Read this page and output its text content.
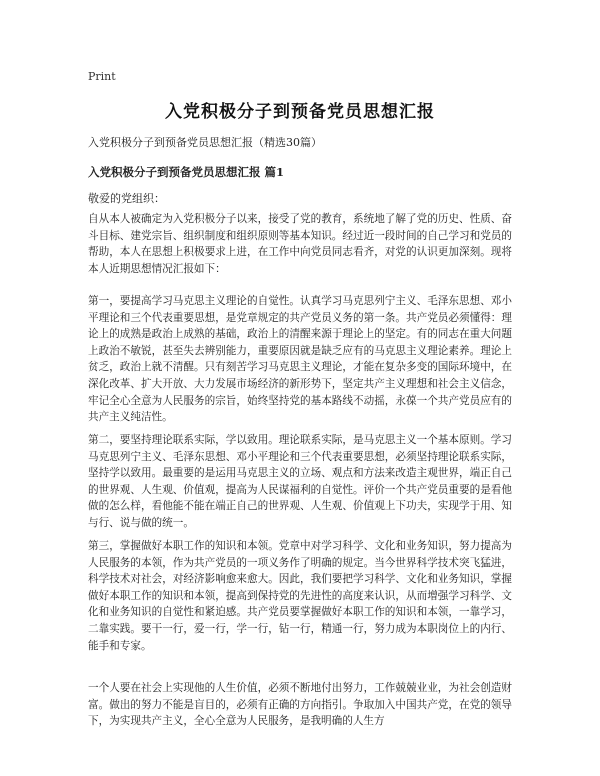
Print
入党积极分子到预备党员思想汇报
入党积极分子到预备党员思想汇报（精选30篇）
入党积极分子到预备党员思想汇报 篇1
敬爱的党组织：

自从本人被确定为入党积极分子以来，接受了党的教育，系统地了解了党的历史、性质、奋斗目标、建党宗旨、组织制度和组织原则等基本知识。经过近一段时间的自己学习和党员的帮助，本人在思想上积极要求上进，在工作中向党员同志看齐，对党的认识更加深刻。现将本人近期思想情况汇报如下：

第一，要提高学习马克思主义理论的自觉性。认真学习马克思列宁主义、毛泽东思想、邓小平理论和三个代表重要思想，是党章规定的共产党员义务的第一条。共产党员必须懂得：理论上的成熟是政治上成熟的基础，政治上的清醒来源于理论上的坚定。有的同志在重大问题上政治不敏锐，甚至失去辨别能力，重要原因就是缺乏应有的马克思主义理论素养。理论上贫乏，政治上就不清醒。只有刻苦学习马克思主义理论，才能在复杂多变的国际环境中，在深化改革、扩大开放、大力发展市场经济的新形势下，坚定共产主义理想和社会主义信念，牢记全心全意为人民服务的宗旨，始终坚持党的基本路线不动摇，永葆一个共产党员应有的共产主义纯洁性。

第二，要坚持理论联系实际，学以致用。理论联系实际，是马克思主义一个基本原则。学习马克思列宁主义、毛泽东思想、邓小平理论和三个代表重要思想，必须坚持理论联系实际，坚持学以致用。最重要的是运用马克思主义的立场、观点和方法来改造主观世界，端正自己的世界观、人生观、价值观，提高为人民谋福利的自觉性。评价一个共产党员重要的是看他做的怎么样，看他能不能在端正自己的世界观、人生观、价值观上下功夫，实现学于用、知与行、说与做的统一。

第三，掌握做好本职工作的知识和本领。党章中对学习科学、文化和业务知识，努力提高为人民服务的本领，作为共产党员的一项义务作了明确的规定。当今世界科学技术突飞猛进，科学技术对社会，对经济影响愈来愈大。因此，我们要把学习科学、文化和业务知识，掌握做好本职工作的知识和本领，提高到保持党的先进性的高度来认识，从而增强学习科学、文化和业务知识的自觉性和紧迫感。共产党员要掌握做好本职工作的知识和本领，一靠学习，二靠实践。要干一行，爱一行，学一行，钻一行，精通一行，努力成为本职岗位上的内行、能手和专家。

一个人要在社会上实现他的人生价值，必须不断地付出努力，工作兢兢业业，为社会创造财富。做出的努力不能是盲目的，必须有正确的方向指引。争取加入中国共产党，在党的领导下，为实现共产主义，全心全意为人民服务，是我明确的人生方
